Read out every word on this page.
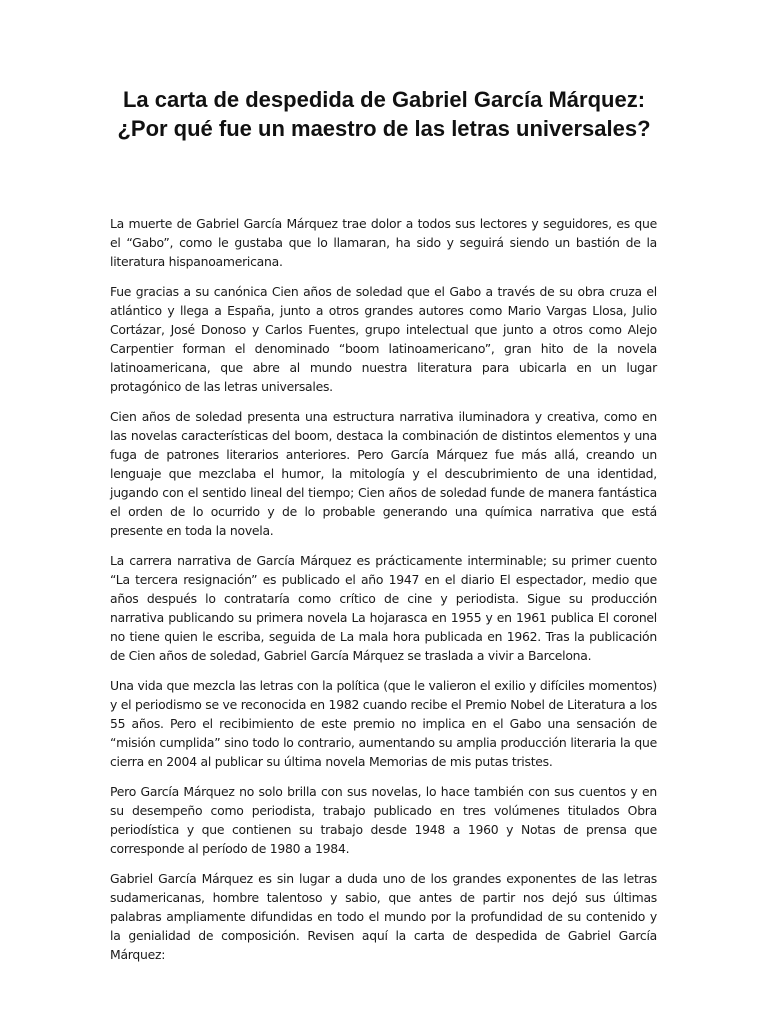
La carta de despedida de Gabriel García Márquez: ¿Por qué fue un maestro de las letras universales?

La muerte de Gabriel García Márquez trae dolor a todos sus lectores y seguidores, es que el “Gabo”, como le gustaba que lo llamaran, ha sido y seguirá siendo un bastión de la literatura hispanoamericana.

Fue gracias a su canónica Cien años de soledad que el Gabo a través de su obra cruza el atlántico y llega a España, junto a otros grandes autores como Mario Vargas Llosa, Julio Cortázar, José Donoso y Carlos Fuentes, grupo intelectual que junto a otros como Alejo Carpentier forman el denominado “boom latinoamericano”, gran hito de la novela latinoamericana, que abre al mundo nuestra literatura para ubicarla en un lugar protagónico de las letras universales.

Cien años de soledad presenta una estructura narrativa iluminadora y creativa, como en las novelas características del boom, destaca la combinación de distintos elementos y una fuga de patrones literarios anteriores. Pero García Márquez fue más allá, creando un lenguaje que mezclaba el humor, la mitología y el descubrimiento de una identidad, jugando con el sentido lineal del tiempo; Cien años de soledad funde de manera fantástica el orden de lo ocurrido y de lo probable generando una química narrativa que está presente en toda la novela.

La carrera narrativa de García Márquez es prácticamente interminable; su primer cuento “La tercera resignación” es publicado el año 1947 en el diario El espectador, medio que años después lo contrataría como crítico de cine y periodista. Sigue su producción narrativa publicando su primera novela La hojarasca en 1955 y en 1961 publica El coronel no tiene quien le escriba, seguida de La mala hora publicada en 1962. Tras la publicación de Cien años de soledad, Gabriel García Márquez se traslada a vivir a Barcelona.

Una vida que mezcla las letras con la política (que le valieron el exilio y difíciles momentos) y el periodismo se ve reconocida en 1982 cuando recibe el Premio Nobel de Literatura a los 55 años. Pero el recibimiento de este premio no implica en el Gabo una sensación de “misión cumplida” sino todo lo contrario, aumentando su amplia producción literaria la que cierra en 2004 al publicar su última novela Memorias de mis putas tristes.

Pero García Márquez no solo brilla con sus novelas, lo hace también con sus cuentos y en su desempeño como periodista, trabajo publicado en tres volúmenes titulados Obra periodística y que contienen su trabajo desde 1948 a 1960 y Notas de prensa que corresponde al período de 1980 a 1984.

Gabriel García Márquez es sin lugar a duda uno de los grandes exponentes de las letras sudamericanas, hombre talentoso y sabio, que antes de partir nos dejó sus últimas palabras ampliamente difundidas en todo el mundo por la profundidad de su contenido y la genialidad de composición. Revisen aquí la carta de despedida de Gabriel García Márquez:
